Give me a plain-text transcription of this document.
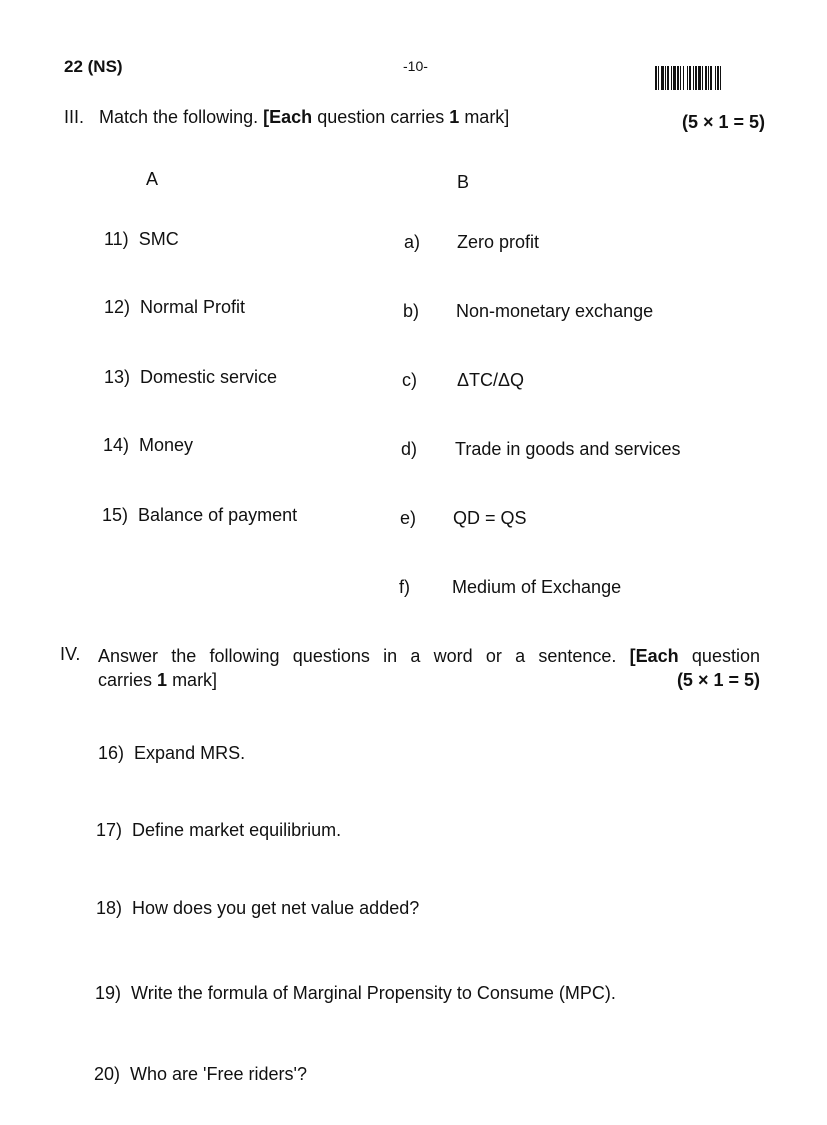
22 (NS)	-10-
III. Match the following. [Each question carries 1 mark]	(5 × 1 = 5)
A	B
11) SMC
12) Normal Profit
13) Domestic service
14) Money
15) Balance of payment
a) Zero profit
b) Non-monetary exchange
c) ΔTC/ΔQ
d) Trade in goods and services
e) QD = QS
f) Medium of Exchange
IV. Answer the following questions in a word or a sentence. [Each question
carries 1 mark]	(5 × 1 = 5)
16) Expand MRS.
17) Define market equilibrium.
18) How does you get net value added?
19) Write the formula of Marginal Propensity to Consume (MPC).
20) Who are 'Free riders'?
